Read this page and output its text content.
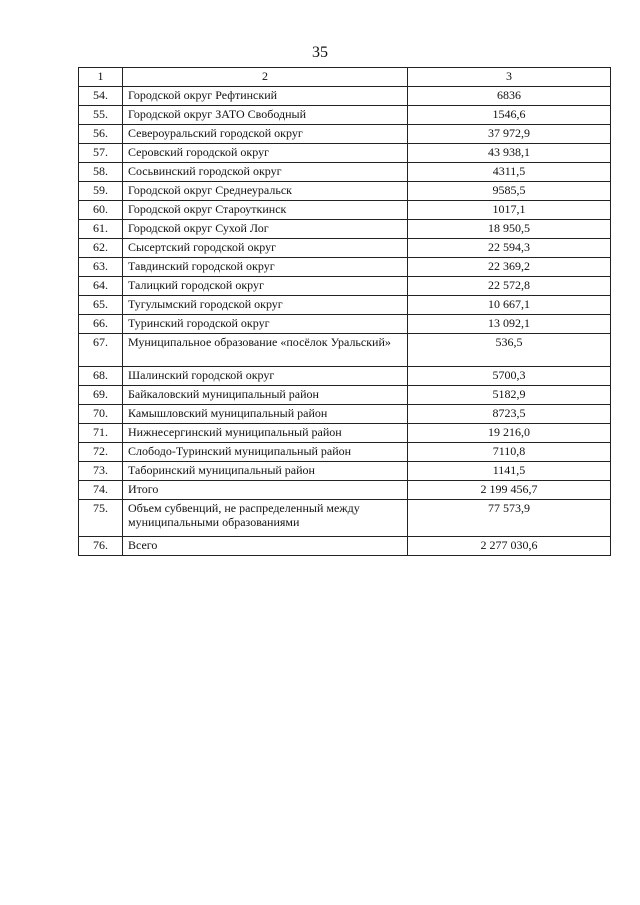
35
1	2	3
54.	Городской округ Рефтинский	6836
55.	Городской округ ЗАТО Свободный	1546,6
56.	Североуральский городской округ	37 972,9
57.	Серовский городской округ	43 938,1
58.	Сосьвинский городской округ	4311,5
59.	Городской округ Среднеуральск	9585,5
60.	Городской округ Староуткинск	1017,1
61.	Городской округ Сухой Лог	18 950,5
62.	Сысертский городской округ	22 594,3
63.	Тавдинский городской округ	22 369,2
64.	Талицкий городской округ	22 572,8
65.	Тугулымский городской округ	10 667,1
66.	Туринский городской округ	13 092,1
67.	Муниципальное образование «посёлок Уральский»	536,5
68.	Шалинский городской округ	5700,3
69.	Байкаловский муниципальный район	5182,9
70.	Камышловский муниципальный район	8723,5
71.	Нижнесергинский муниципальный район	19 216,0
72.	Слободо-Туринский муниципальный район	7110,8
73.	Таборинский муниципальный район	1141,5
74.	Итого	2 199 456,7
75.	Объем субвенций, не распределенный между муниципальными образованиями	77 573,9
76.	Всего	2 277 030,6
